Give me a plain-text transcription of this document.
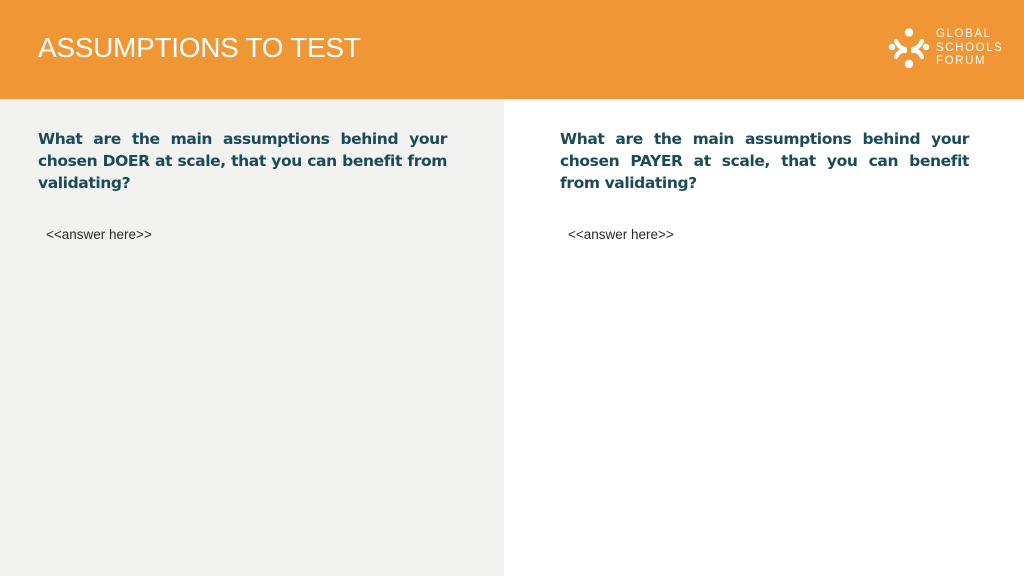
ASSUMPTIONS TO TEST	GLOBAL
SCHOOLS
FORUM

What are the main assumptions behind your chosen DOER at scale, that you can benefit from validating?

<<answer here>>

What are the main assumptions behind your chosen PAYER at scale, that you can benefit from validating?

<<answer here>>
